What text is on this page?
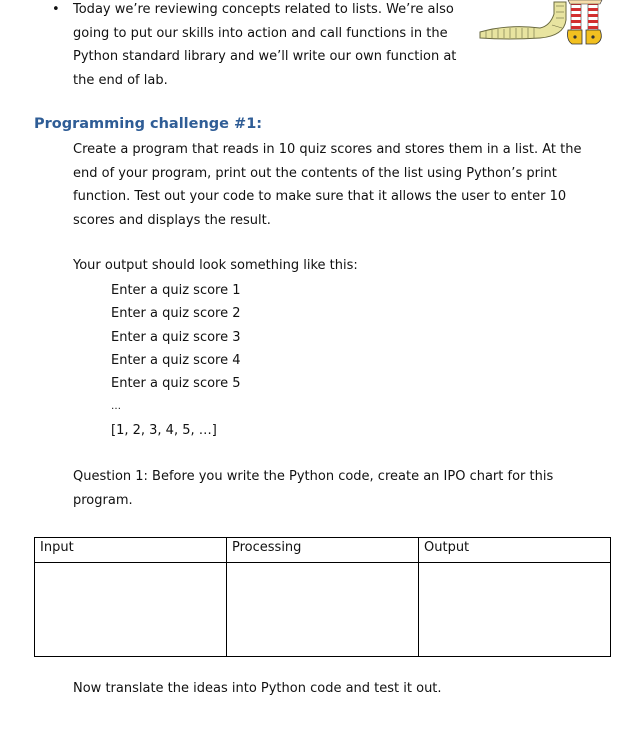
• Today we’re reviewing concepts related to lists. We’re also going to put our skills into action and call functions in the Python standard library and we’ll write our own function at the end of lab.
Programming challenge #1:
Create a program that reads in 10 quiz scores and stores them in a list. At the end of your program, print out the contents of the list using Python’s print function. Test out your code to make sure that it allows the user to enter 10 scores and displays the result.
Your output should look something like this:
Enter a quiz score 1
Enter a quiz score 2
Enter a quiz score 3
Enter a quiz score 4
Enter a quiz score 5
…
[1, 2, 3, 4, 5, …]
Question 1: Before you write the Python code, create an IPO chart for this program.
Input	Processing	Output

Now translate the ideas into Python code and test it out.
